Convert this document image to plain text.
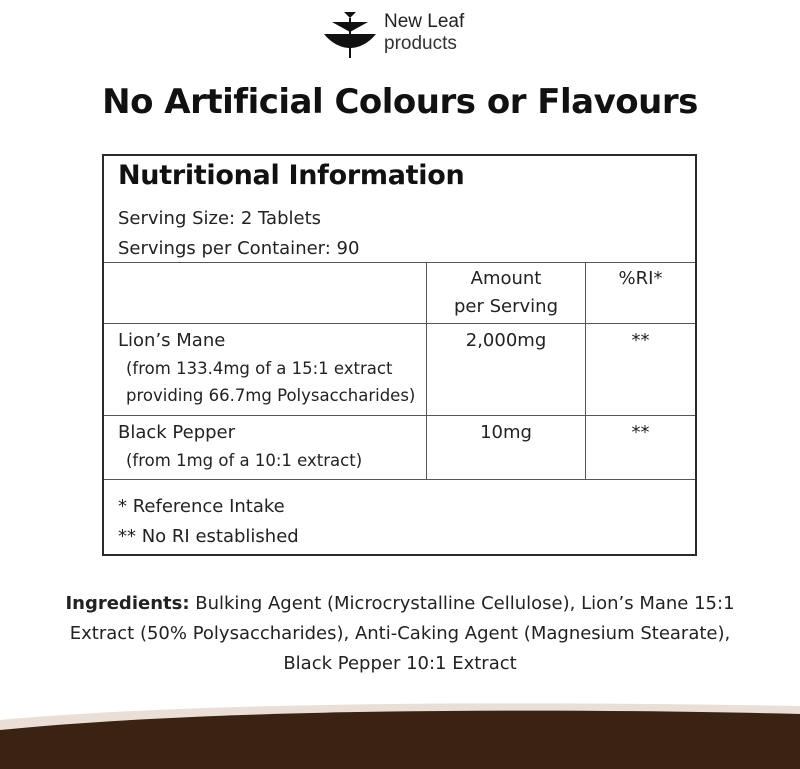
New Leaf
products
No Artificial Colours or Flavours
Nutritional Information
Serving Size: 2 Tablets
Servings per Container: 90
Amount
per Serving
%RI*
Lion’s Mane
(from 133.4mg of a 15:1 extract
providing 66.7mg Polysaccharides)
2,000mg	**
Black Pepper
(from 1mg of a 10:1 extract)
10mg	**
* Reference Intake
** No RI established
Ingredients: Bulking Agent (Microcrystalline Cellulose), Lion’s Mane 15:1 Extract (50% Polysaccharides), Anti-Caking Agent (Magnesium Stearate), Black Pepper 10:1 Extract
